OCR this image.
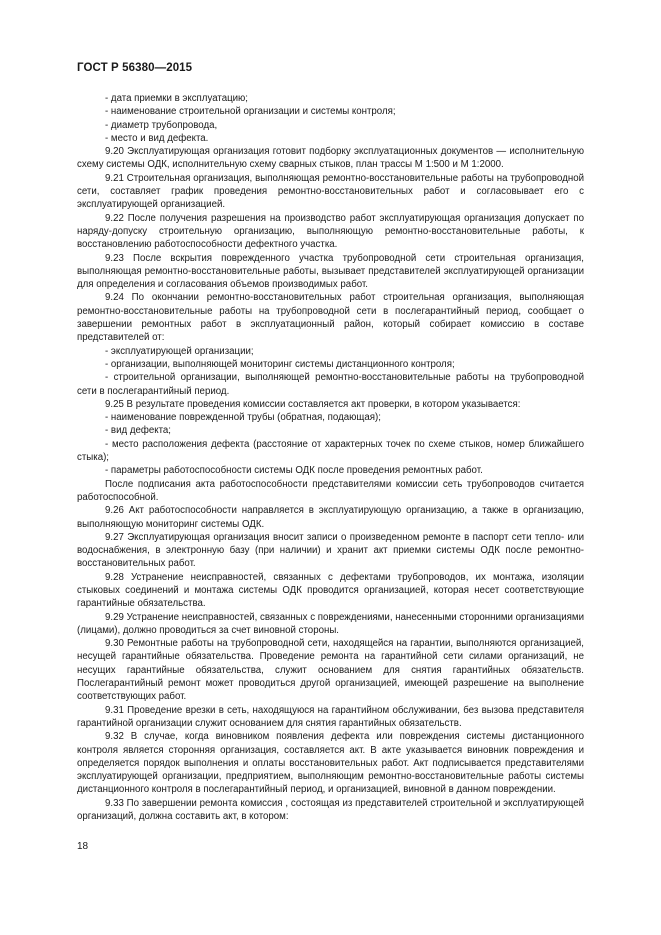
ГОСТ Р 56380—2015

- дата приемки в эксплуатацию;

- наименование строительной организации и системы контроля;

- диаметр трубопровода,

- место и вид дефекта.

9.20 Эксплуатирующая организация готовит подборку эксплуатационных документов — исполнительную схему системы ОДК, исполнительную схему сварных стыков, план трассы М 1:500 и М 1:2000.

9.21 Строительная организация, выполняющая ремонтно-восстановительные работы на трубопроводной сети, составляет график проведения ремонтно-восстановительных работ и согласовывает его с эксплуатирующей организацией.

9.22 После получения разрешения на производство работ эксплуатирующая организация допускает по наряду-допуску строительную организацию, выполняющую ремонтно-восстановительные работы, к восстановлению работоспособности дефектного участка.

9.23 После вскрытия поврежденного участка трубопроводной сети строительная организация, выполняющая ремонтно-восстановительные работы, вызывает представителей эксплуатирующей организации для определения и согласования объемов производимых работ.

9.24 По окончании ремонтно-восстановительных работ строительная организация, выполняющая ремонтно-восстановительные работы на трубопроводной сети в послегарантийный период, сообщает о завершении ремонтных работ в эксплуатационный район, который собирает комиссию в составе представителей от:

- эксплуатирующей организации;

- организации, выполняющей мониторинг системы дистанционного контроля;

- строительной организации, выполняющей ремонтно-восстановительные работы на трубопроводной сети в послегарантийный период.

9.25 В результате проведения комиссии составляется акт проверки, в котором указывается:

- наименование поврежденной трубы (обратная, подающая);

- вид дефекта;

- место расположения дефекта (расстояние от характерных точек по схеме стыков, номер ближайшего стыка);

- параметры работоспособности системы ОДК после проведения ремонтных работ.

После подписания акта работоспособности представителями комиссии сеть трубопроводов считается работоспособной.

9.26 Акт работоспособности направляется в эксплуатирующую организацию, а также в организацию, выполняющую мониторинг системы ОДК.

9.27 Эксплуатирующая организация вносит записи о произведенном ремонте в паспорт сети тепло- или водоснабжения, в электронную базу (при наличии) и хранит акт приемки системы ОДК после ремонтно-восстановительных работ.

9.28 Устранение неисправностей, связанных с дефектами трубопроводов, их монтажа, изоляции стыковых соединений и монтажа системы ОДК проводится организацией, которая несет соответствующие гарантийные обязательства.

9.29 Устранение неисправностей, связанных с повреждениями, нанесенными сторонними организациями (лицами), должно проводиться за счет виновной стороны.

9.30 Ремонтные работы на трубопроводной сети, находящейся на гарантии, выполняются организацией, несущей гарантийные обязательства. Проведение ремонта на гарантийной сети силами организаций, не несущих гарантийные обязательства, служит основанием для снятия гарантийных обязательств. Послегарантийный ремонт может проводиться другой организацией, имеющей разрешение на выполнение соответствующих работ.

9.31 Проведение врезки в сеть, находящуюся на гарантийном обслуживании, без вызова представителя гарантийной организации служит основанием для снятия гарантийных обязательств.

9.32 В случае, когда виновником появления дефекта или повреждения системы дистанционного контроля является сторонняя организация, составляется акт. В акте указывается виновник повреждения и определяется порядок выполнения и оплаты восстановительных работ. Акт подписывается представителями эксплуатирующей организации, предприятием, выполняющим ремонтно-восстановительные работы системы дистанционного контроля в послегарантийный период, и организацией, виновной в данном повреждении.

9.33 По завершении ремонта комиссия , состоящая из представителей строительной и эксплуатирующей организаций, должна составить акт, в котором:

18
